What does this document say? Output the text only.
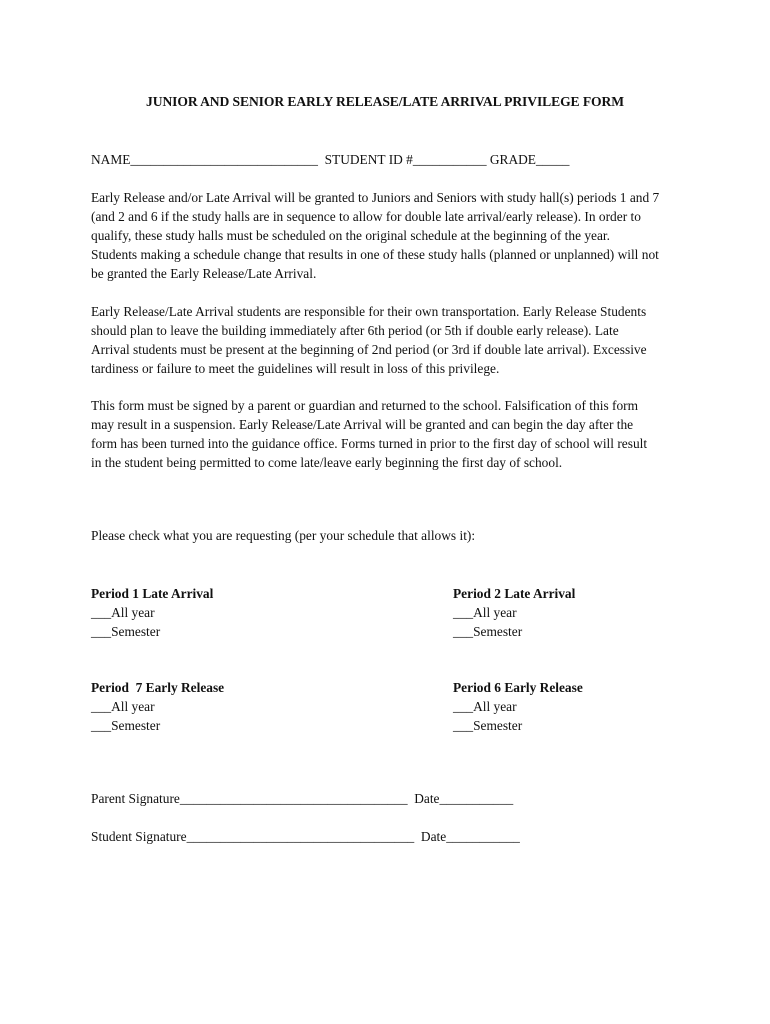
JUNIOR AND SENIOR EARLY RELEASE/LATE ARRIVAL PRIVILEGE FORM
NAME____________________________  STUDENT ID #___________ GRADE_____

Early Release and/or Late Arrival will be granted to Juniors and Seniors with study hall(s) periods 1 and 7

(and 2 and 6 if the study halls are in sequence to allow for double late arrival/early release). In order to

qualify, these study halls must be scheduled on the original schedule at the beginning of the year.

Students making a schedule change that results in one of these study halls (planned or unplanned) will not

be granted the Early Release/Late Arrival.

Early Release/Late Arrival students are responsible for their own transportation. Early Release Students

should plan to leave the building immediately after 6th period (or 5th if double early release). Late

Arrival students must be present at the beginning of 2nd period (or 3rd if double late arrival). Excessive

tardiness or failure to meet the guidelines will result in loss of this privilege.

This form must be signed by a parent or guardian and returned to the school. Falsification of this form

may result in a suspension. Early Release/Late Arrival will be granted and can begin the day after the

form has been turned into the guidance office. Forms turned in prior to the first day of school will result

in the student being permitted to come late/leave early beginning the first day of school.

Please check what you are requesting (per your schedule that allows it):
Period 1 Late Arrival
___All year
___Semester
Period 2 Late Arrival
___All year
___Semester
Period  7 Early Release
___All year
___Semester
Period 6 Early Release
___All year
___Semester
Parent Signature__________________________________  Date___________
Student Signature__________________________________  Date___________
